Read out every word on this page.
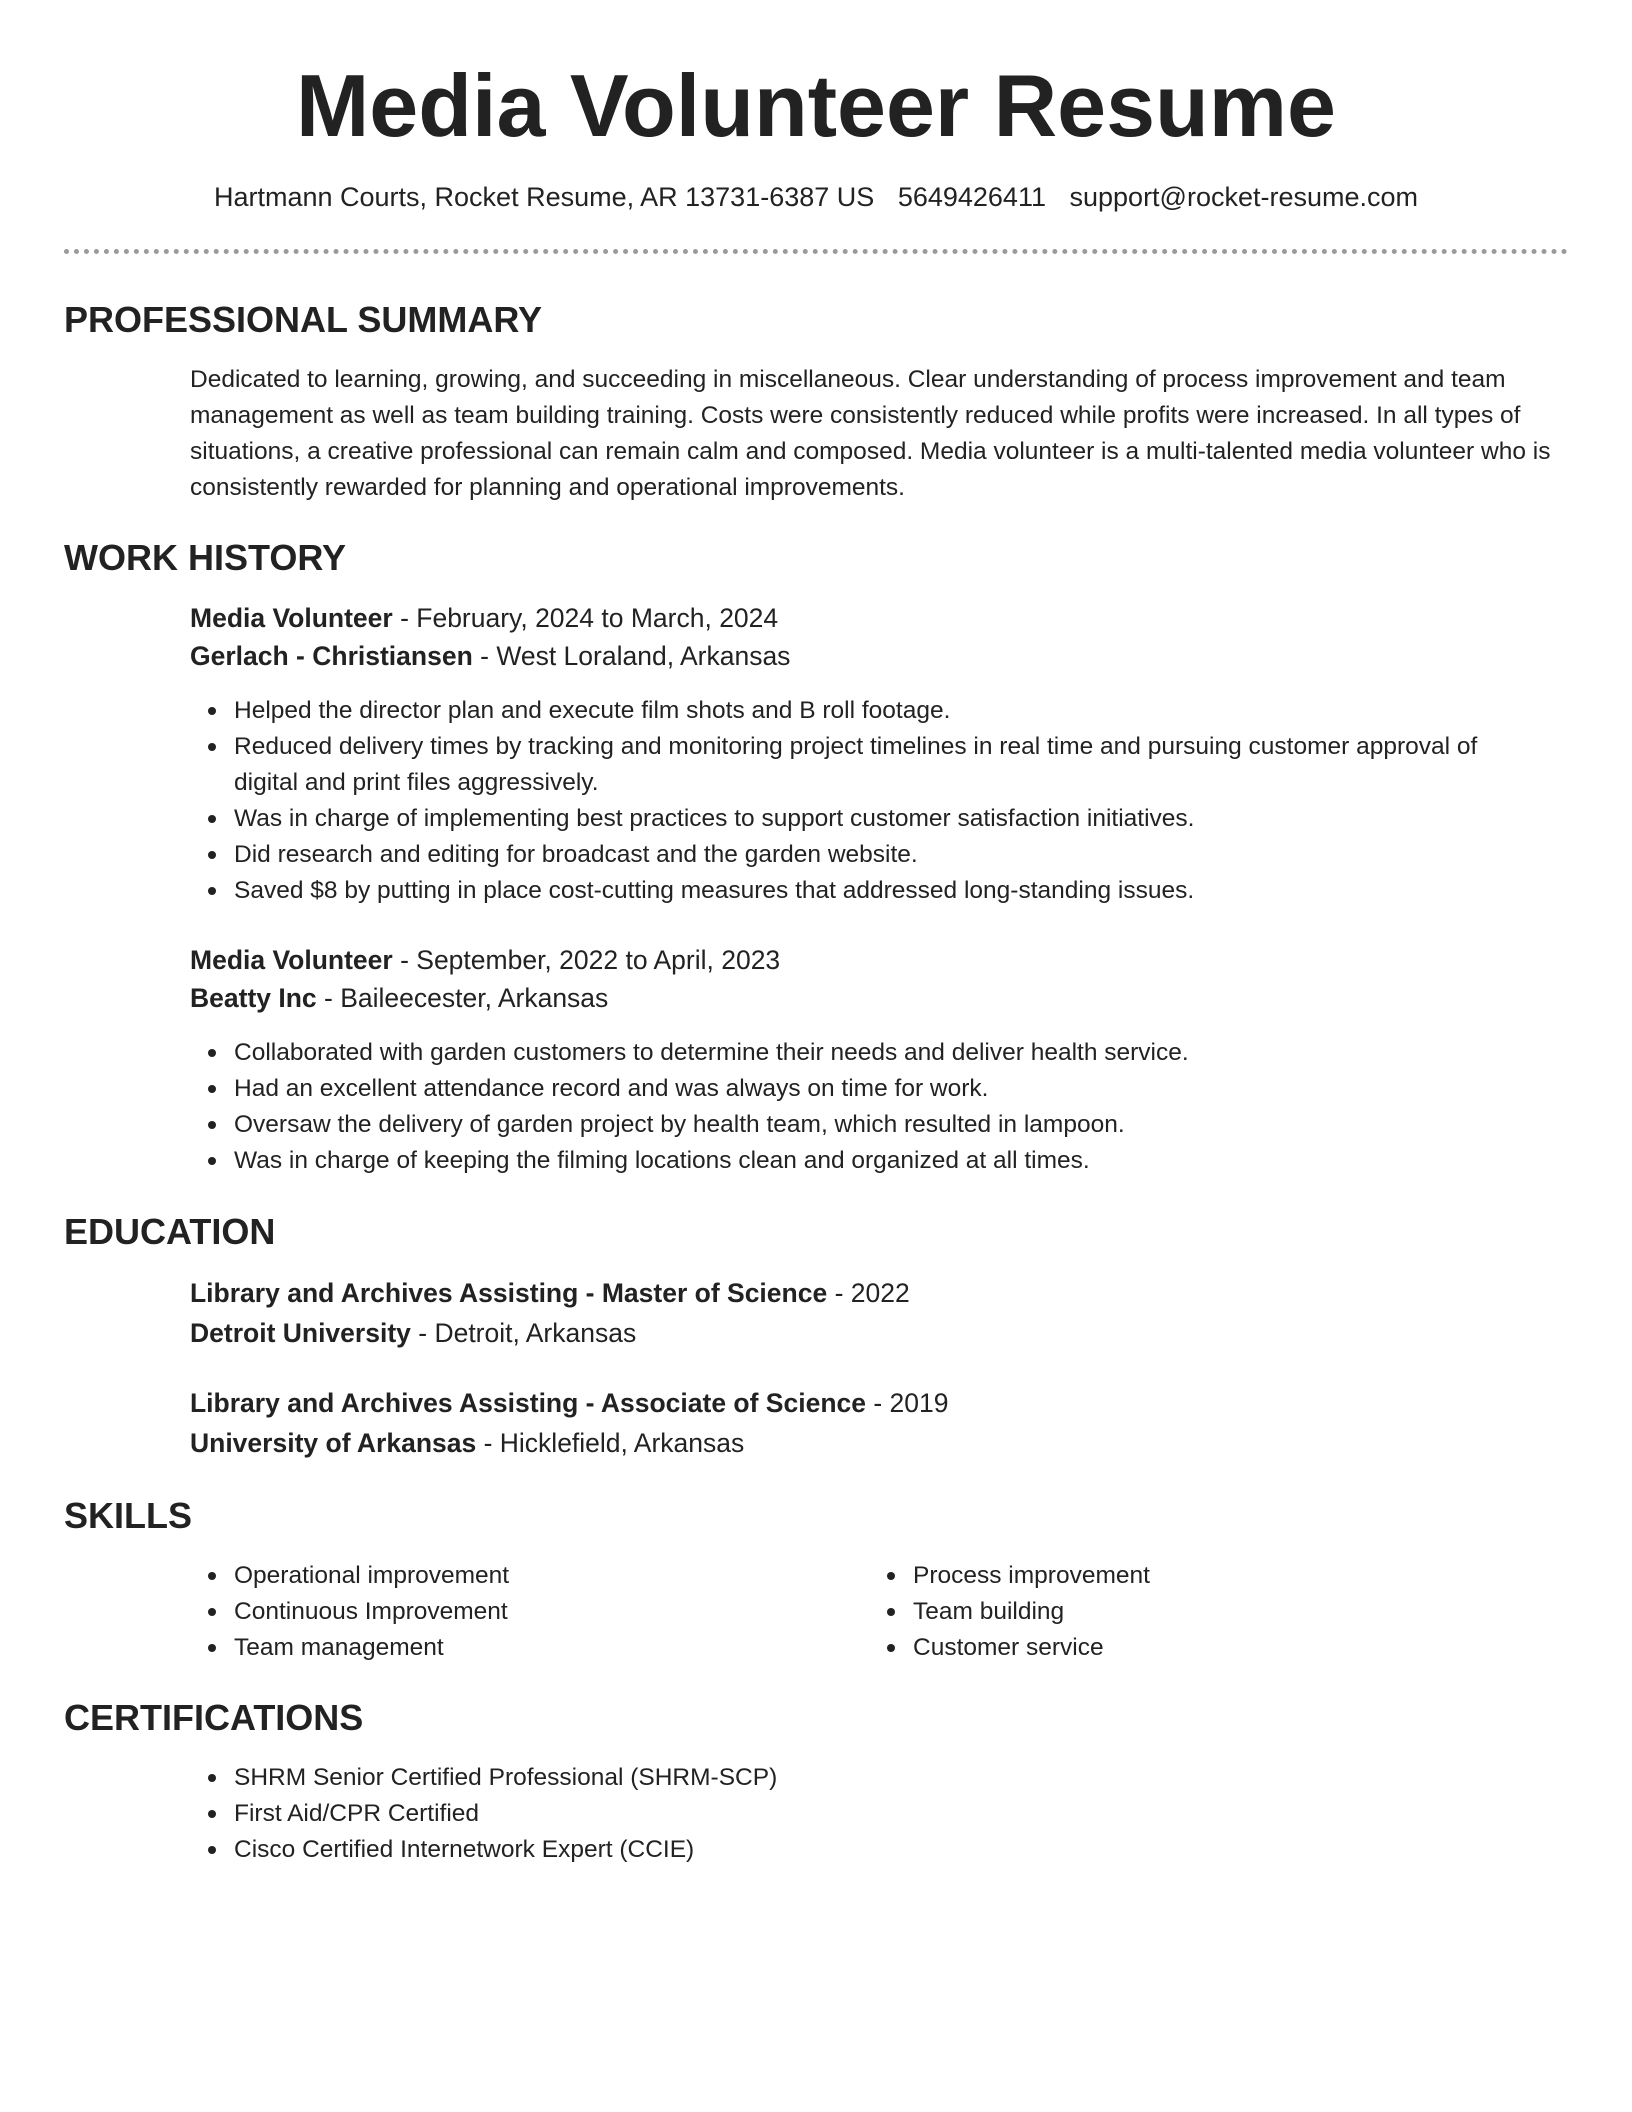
Media Volunteer Resume
Hartmann Courts, Rocket Resume, AR 13731-6387 US 5649426411 support@rocket-resume.com
PROFESSIONAL SUMMARY

Dedicated to learning, growing, and succeeding in miscellaneous. Clear understanding of process improvement and team management as well as team building training. Costs were consistently reduced while profits were increased. In all types of situations, a creative professional can remain calm and composed. Media volunteer is a multi-talented media volunteer who is consistently rewarded for planning and operational improvements.

WORK HISTORY
Media Volunteer - February, 2024 to March, 2024
Gerlach - Christiansen - West Loraland, Arkansas
Helped the director plan and execute film shots and B roll footage.
Reduced delivery times by tracking and monitoring project timelines in real time and pursuing customer approval of digital and print files aggressively.
Was in charge of implementing best practices to support customer satisfaction initiatives.
Did research and editing for broadcast and the garden website.
Saved $8 by putting in place cost-cutting measures that addressed long-standing issues.
Media Volunteer - September, 2022 to April, 2023
Beatty Inc - Baileecester, Arkansas
Collaborated with garden customers to determine their needs and deliver health service.
Had an excellent attendance record and was always on time for work.
Oversaw the delivery of garden project by health team, which resulted in lampoon.
Was in charge of keeping the filming locations clean and organized at all times.
EDUCATION
Library and Archives Assisting - Master of Science - 2022
Detroit University - Detroit, Arkansas
Library and Archives Assisting - Associate of Science - 2019
University of Arkansas - Hicklefield, Arkansas
SKILLS
Operational improvement
Continuous Improvement
Team management
Process improvement
Team building
Customer service
CERTIFICATIONS
SHRM Senior Certified Professional (SHRM-SCP)
First Aid/CPR Certified
Cisco Certified Internetwork Expert (CCIE)
